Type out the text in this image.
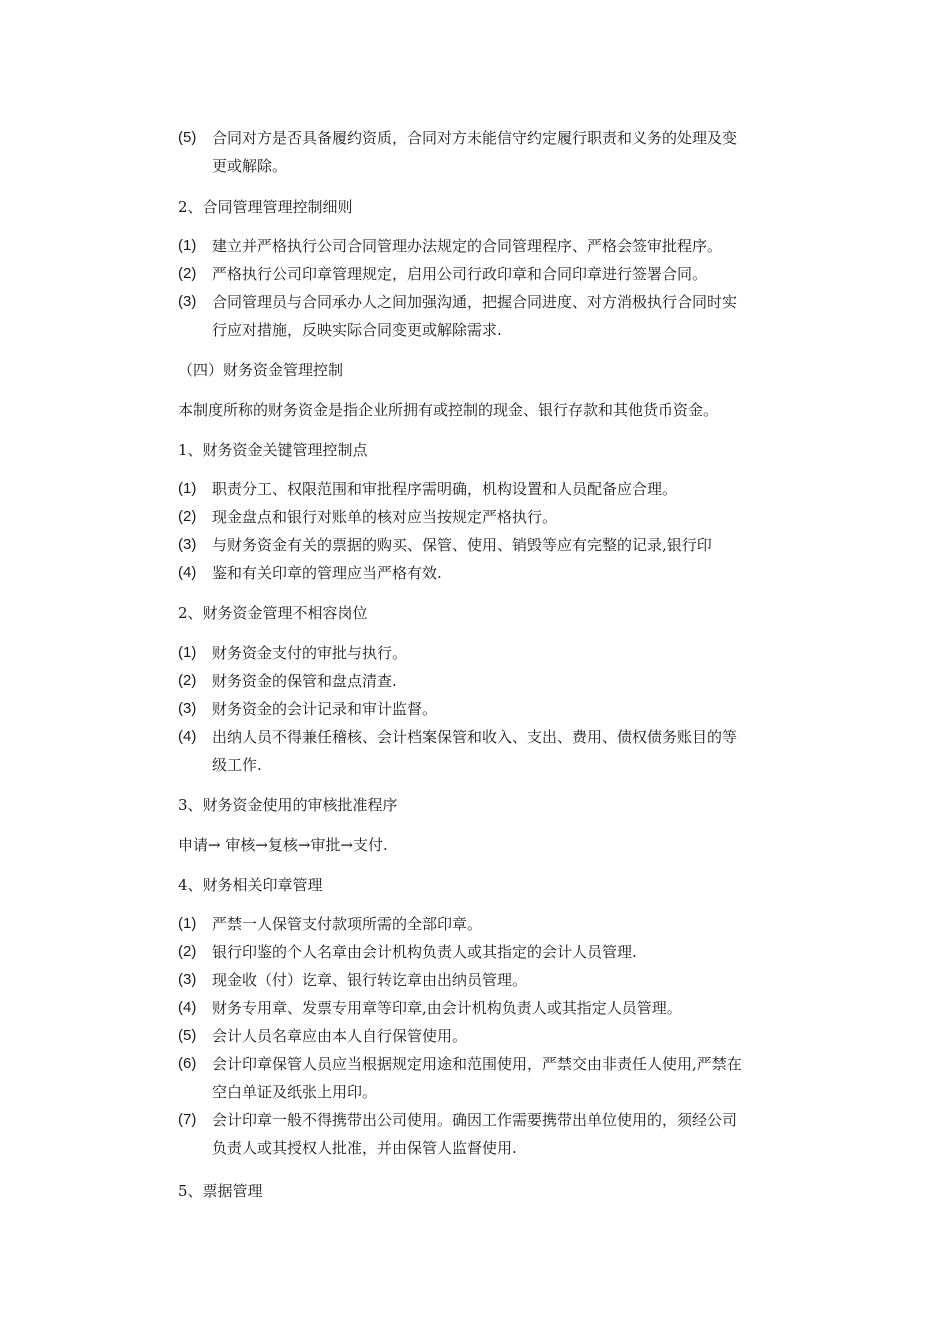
(5) 合同对方是否具备履约资质，合同对方未能信守约定履行职责和义务的处理及变
更或解除。
2、合同管理管理控制细则
(1) 建立并严格执行公司合同管理办法规定的合同管理程序、严格会签审批程序。
(2) 严格执行公司印章管理规定，启用公司行政印章和合同印章进行签署合同。
(3) 合同管理员与合同承办人之间加强沟通，把握合同进度、对方消极执行合同时实
行应对措施，反映实际合同变更或解除需求.
（四）财务资金管理控制
本制度所称的财务资金是指企业所拥有或控制的现金、银行存款和其他货币资金。
1、财务资金关键管理控制点
(1) 职责分工、权限范围和审批程序需明确，机构设置和人员配备应合理。
(2) 现金盘点和银行对账单的核对应当按规定严格执行。
(3) 与财务资金有关的票据的购买、保管、使用、销毁等应有完整的记录,银行印
(4) 鉴和有关印章的管理应当严格有效.
2、财务资金管理不相容岗位
(1) 财务资金支付的审批与执行。
(2) 财务资金的保管和盘点清查.
(3) 财务资金的会计记录和审计监督。
(4) 出纳人员不得兼任稽核、会计档案保管和收入、支出、费用、债权债务账目的等
级工作.
3、财务资金使用的审核批准程序
申请→ 审核→复核→审批→支付.
4、财务相关印章管理
(1) 严禁一人保管支付款项所需的全部印章。
(2) 银行印鉴的个人名章由会计机构负责人或其指定的会计人员管理.
(3) 现金收（付）讫章、银行转讫章由出纳员管理。
(4) 财务专用章、发票专用章等印章,由会计机构负责人或其指定人员管理。
(5) 会计人员名章应由本人自行保管使用。
(6) 会计印章保管人员应当根据规定用途和范围使用，严禁交由非责任人使用,严禁在
空白单证及纸张上用印。
(7) 会计印章一般不得携带出公司使用。确因工作需要携带出单位使用的，须经公司
负责人或其授权人批准，并由保管人监督使用.
5、票据管理
